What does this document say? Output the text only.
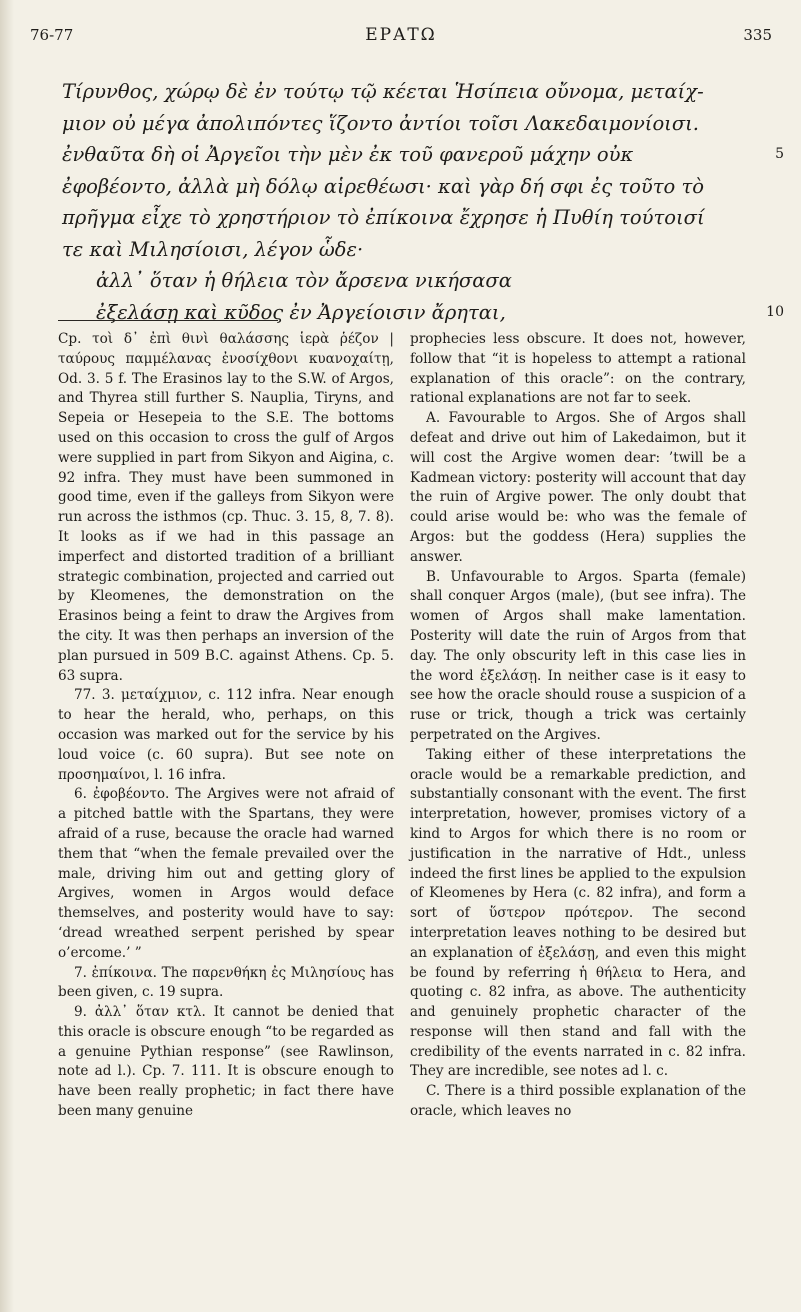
76-77	ΕΡΑΤΩ	335
Τίρυνθος, χώρῳ δὲ ἐν τούτῳ τῷ κέεται Ἡσίπεια οὔνομα, μεταίχ-
μιον οὐ μέγα ἀπολιπόντες ἵζοντο ἀντίοι τοῖσι Λακεδαιμονίοισι.
ἐνθαῦτα δὴ οἱ Ἀργεῖοι τὴν μὲν ἐκ τοῦ φανεροῦ μάχην οὐκ	5
ἐφοβέοντο, ἀλλὰ μὴ δόλῳ αἱρεθέωσι· καὶ γὰρ δή σφι ἐς τοῦτο τὸ
πρῆγμα εἶχε τὸ χρηστήριον τὸ ἐπίκοινα ἔχρησε ἡ Πυθίη τούτοισί
τε καὶ Μιλησίοισι, λέγον ὧδε·
ἀλλ᾽ ὅταν ἡ θήλεια τὸν ἄρσενα νικήσασα
ἐξελάσῃ καὶ κῦδος ἐν Ἀργείοισιν ἄρηται,	10

Cp. τοὶ δ᾽ ἐπὶ θινὶ θαλάσσης ἱερὰ ῥέζον | ταύρους παμμέλανας ἐνοσίχθονι κυανοχαίτῃ, Od. 3. 5 f. The Erasinos lay to the S.W. of Argos, and Thyrea still further S. Nauplia, Tiryns, and Sepeia or Hesepeia to the S.E. The bottoms used on this occasion to cross the gulf of Argos were supplied in part from Sikyon and Aigina, c. 92 infra. They must have been summoned in good time, even if the galleys from Sikyon were run across the isthmos (cp. Thuc. 3. 15, 8, 7. 8). It looks as if we had in this passage an imperfect and distorted tradition of a brilliant strategic combination, projected and carried out by Kleomenes, the demonstration on the Erasinos being a feint to draw the Argives from the city. It was then perhaps an inversion of the plan pursued in 509 B.C. against Athens. Cp. 5. 63 supra.

77. 3. μεταίχμιον, c. 112 infra. Near enough to hear the herald, who, perhaps, on this occasion was marked out for the service by his loud voice (c. 60 supra). But see note on προσημαίνοι, l. 16 infra.

6. ἐφοβέοντο. The Argives were not afraid of a pitched battle with the Spartans, they were afraid of a ruse, because the oracle had warned them that “when the female prevailed over the male, driving him out and getting glory of Argives, women in Argos would deface themselves, and posterity would have to say: ‘dread wreathed serpent perished by spear o’ercome.’ ”

7. ἐπίκοινα. The παρενθήκη ἐς Μιλησίους has been given, c. 19 supra.

9. ἀλλ᾽ ὅταν κτλ. It cannot be denied that this oracle is obscure enough “to be regarded as a genuine Pythian response” (see Rawlinson, note ad l.). Cp. 7. 111. It is obscure enough to have been really prophetic; in fact there have been many genuine

prophecies less obscure. It does not, however, follow that “it is hopeless to attempt a rational explanation of this oracle”: on the contrary, rational explanations are not far to seek.

A. Favourable to Argos. She of Argos shall defeat and drive out him of Lakedaimon, but it will cost the Argive women dear: ’twill be a Kadmean victory: posterity will account that day the ruin of Argive power. The only doubt that could arise would be: who was the female of Argos: but the goddess (Hera) supplies the answer.

B. Unfavourable to Argos. Sparta (female) shall conquer Argos (male), (but see infra). The women of Argos shall make lamentation. Posterity will date the ruin of Argos from that day. The only obscurity left in this case lies in the word ἐξελάσῃ. In neither case is it easy to see how the oracle should rouse a suspicion of a ruse or trick, though a trick was certainly perpetrated on the Argives.

Taking either of these interpretations the oracle would be a remarkable prediction, and substantially consonant with the event. The first interpretation, however, promises victory of a kind to Argos for which there is no room or justification in the narrative of Hdt., unless indeed the first lines be applied to the expulsion of Kleomenes by Hera (c. 82 infra), and form a sort of ὕστερον πρότερον. The second interpretation leaves nothing to be desired but an explanation of ἐξελάσῃ, and even this might be found by referring ἡ θήλεια to Hera, and quoting c. 82 infra, as above. The authenticity and genuinely prophetic character of the response will then stand and fall with the credibility of the events narrated in c. 82 infra. They are incredible, see notes ad l. c.

C. There is a third possible explanation of the oracle, which leaves no
